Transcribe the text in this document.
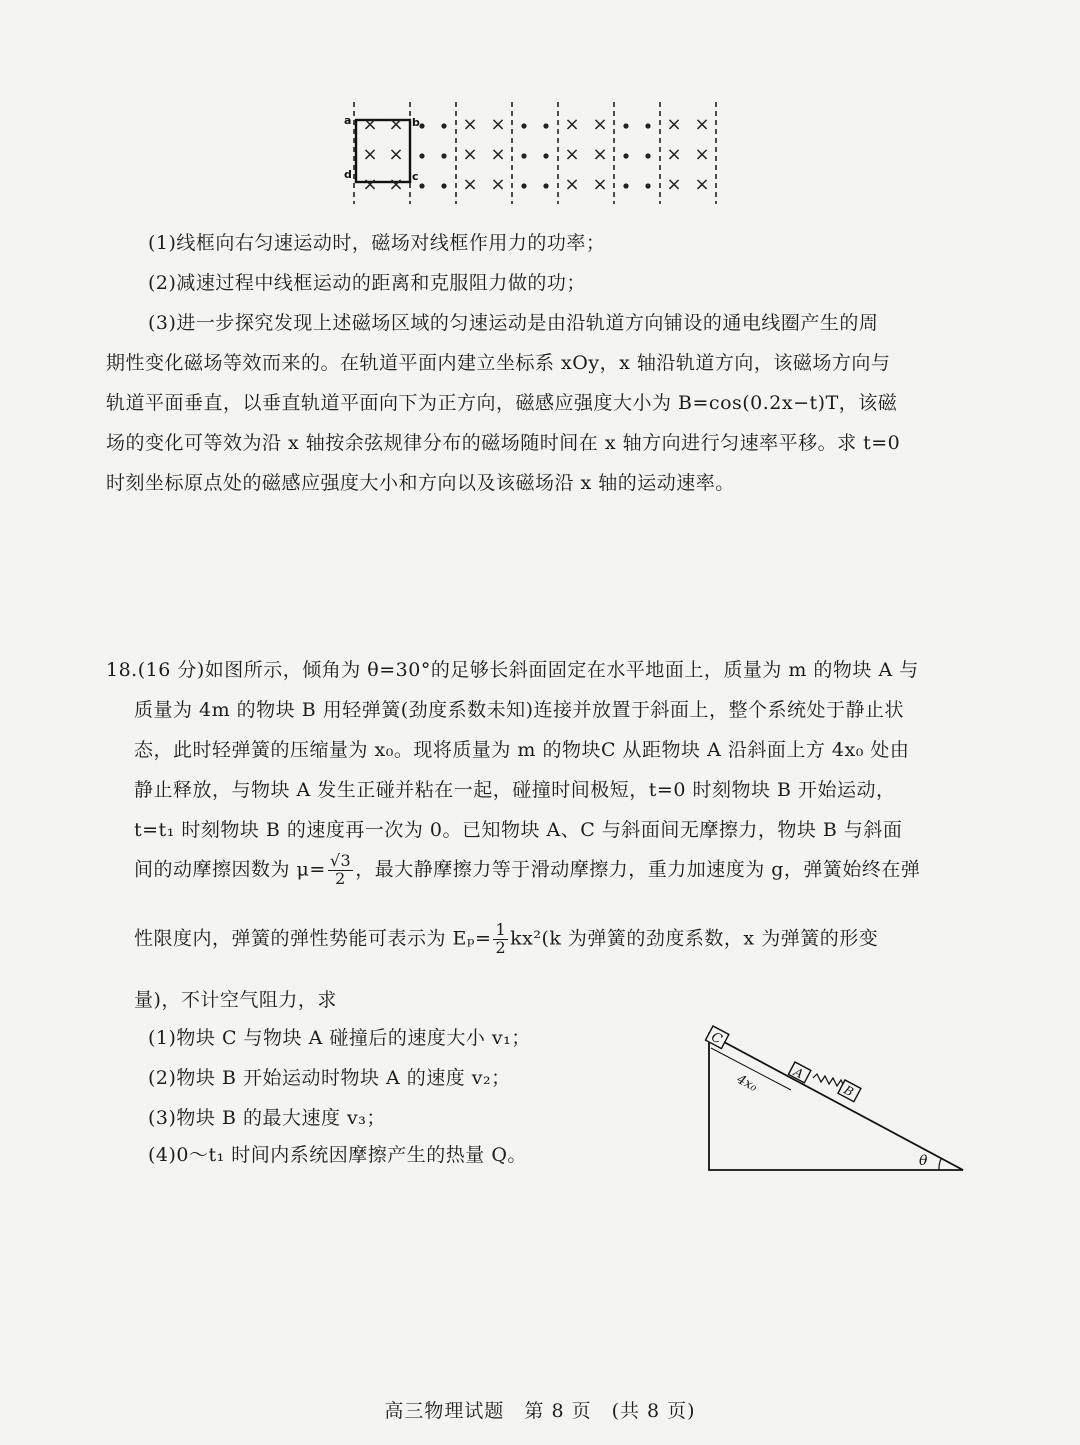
× ×
× ×
× ×
× ×
× ×
× ×
× ×
× ×
× ×
× ×
× ×
× ×
a	b
c
d
(1)线框向右匀速运动时，磁场对线框作用力的功率；
(2)减速过程中线框运动的距离和克服阻力做的功；
(3)进一步探究发现上述磁场区域的匀速运动是由沿轨道方向铺设的通电线圈产生的周
期性变化磁场等效而来的。在轨道平面内建立坐标系 xOy，x 轴沿轨道方向，该磁场方向与
轨道平面垂直，以垂直轨道平面向下为正方向，磁感应强度大小为 B=cos(0.2x−t)T，该磁
场的变化可等效为沿 x 轴按余弦规律分布的磁场随时间在 x 轴方向进行匀速率平移。求 t=0
时刻坐标原点处的磁感应强度大小和方向以及该磁场沿 x 轴的运动速率。
18.(16 分)如图所示，倾角为 θ=30°的足够长斜面固定在水平地面上，质量为 m 的物块 A 与
质量为 4m 的物块 B 用轻弹簧(劲度系数未知)连接并放置于斜面上，整个系统处于静止状
态，此时轻弹簧的压缩量为 x₀。现将质量为 m 的物块C 从距物块 A 沿斜面上方 4x₀ 处由
静止释放，与物块 A 发生正碰并粘在一起，碰撞时间极短，t=0 时刻物块 B 开始运动，
t=t₁ 时刻物块 B 的速度再一次为 0。已知物块 A、C 与斜面间无摩擦力，物块 B 与斜面
间的动摩擦因数为 $\mu= \frac{√3}{2}$ ，最大静摩擦力等于滑动摩擦力，重力加速度为 g，弹簧始终在弹
性限度内，弹簧的弹性势能可表示为 $E_p= \frac{1}{2} kx^2(k$ 为弹簧的劲度系数，x 为弹簧的形变
量)，不计空气阻力，求
(1)物块 C 与物块 A 碰撞后的速度大小 v₁；
(2)物块 B 开始运动时物块 A 的速度 v₂；
(3)物块 B 的最大速度 v₃；
(4)0～t₁ 时间内系统因摩擦产生的热量 Q。
C
4x₀	A
B
θ
高三物理试题　第 8 页　(共 8 页)
